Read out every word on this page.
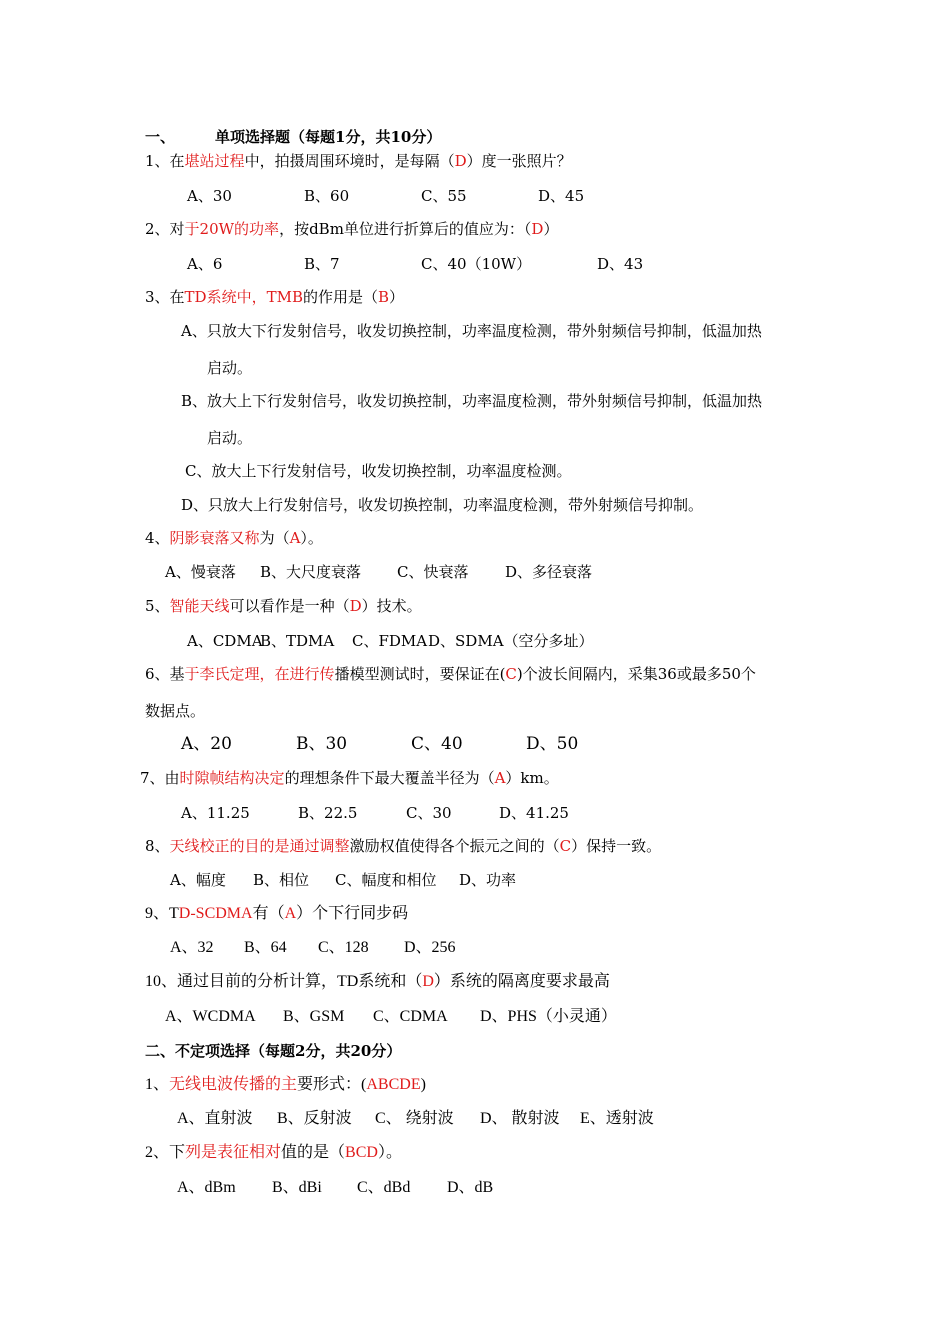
一、	单项选择题（每题1分，共10分）
1、在堪站过程中，拍摄周围环境时，是每隔（D）度一张照片？
A、30	B、60	C、55	D、45
2、对于20W的功率，按dBm单位进行折算后的值应为：（D）
A、6	B、7	C、40（10W）	D、43
3、在TD系统中，TMB的作用是（B）
A、只放大下行发射信号，收发切换控制，功率温度检测，带外射频信号抑制，低温加热
启动。
B、放大上下行发射信号，收发切换控制，功率温度检测，带外射频信号抑制，低温加热
启动。
C、放大上下行发射信号，收发切换控制，功率温度检测。
D、只放大上行发射信号，收发切换控制，功率温度检测，带外射频信号抑制。
4、阴影衰落又称为（A）。
A、慢衰落 B、大尺度衰落 C、快衰落 D、多径衰落
5、智能天线可以看作是一种（D）技术。
A、CDMA
B、TDMA C、FDMA D、SDMA（空分多址）
6、基于李氏定理，在进行传播模型测试时，要保证在(C)个波长间隔内，采集36或最多50个
数据点。
A、20	B、30	C、40	D、50
7、由时隙帧结构决定的理想条件下最大覆盖半径为（A）km。
A、11.25	B、22.5	C、30	D、41.25
8、天线校正的目的是通过调整激励权值使得各个振元之间的（C）保持一致。
A、幅度 B、相位 C、幅度和相位 D、功率
9、TD-SCDMA有（A）个下行同步码
A、32 B、64 C、128 D、256
10、通过目前的分析计算，TD系统和（D）系统的隔离度要求最高
A、WCDMA B、GSM C、CDMA D、PHS（小灵通）
二、不定项选择（每题2分，共20分）
1、无线电波传播的主要形式：(ABCDE)
A、直射波 B、反射波 C、 绕射波 D、 散射波 E、透射波
2、下列是表征相对值的是（BCD）。
A、dBm B、dBi C、dBd D、dB
